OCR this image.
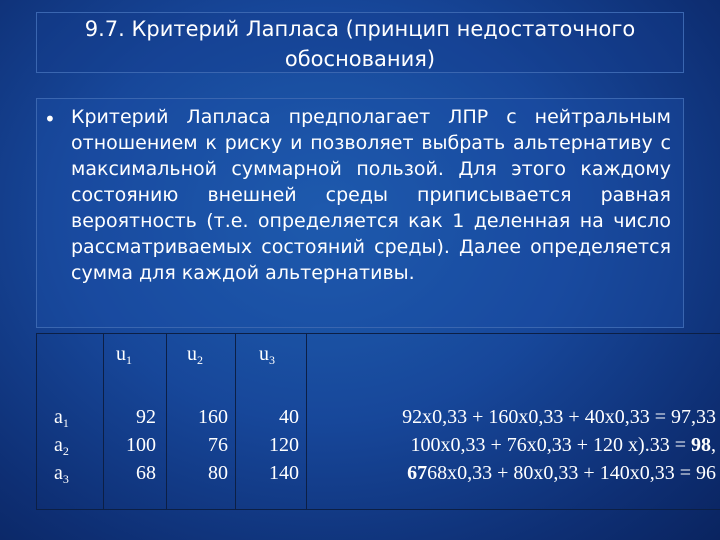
9.7. Критерий Лапласа (принцип недостаточного обоснования)
• Критерий Лапласа предполагает ЛПР с нейтральным отношением к риску и позволяет выбрать альтернативу с максимальной суммарной пользой. Для этого каждому состоянию внешней среды приписывается равная вероятность (т.е. определяется как 1 деленная на число рассматриваемых состояний среды). Далее определяется сумма для каждой альтернативы.
$u_1$	$u_2$	$u_3$
$a_1$
$a_2$
$a_3$
92
100
68
160
76
80
40
120
140
92x0,33 + 160x0,33 + 40x0,33 = 97,33
100x0,33 + 76x0,33 + 120 x).33 = 98,
6768x0,33 + 80x0,33 + 140x0,33 = 96
